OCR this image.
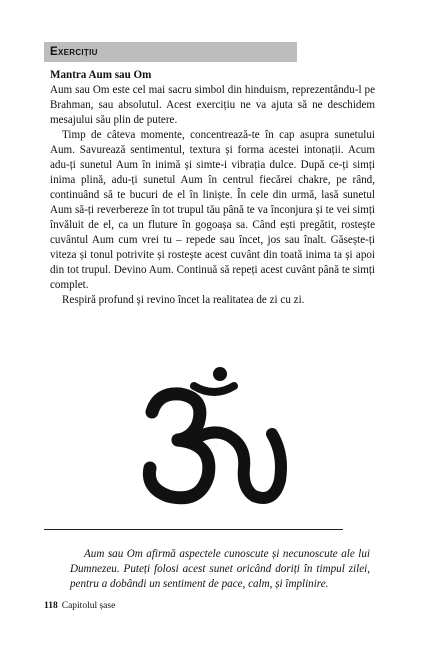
Exercițiu

Mantra Aum sau Om

Aum sau Om este cel mai sacru simbol din hinduism, reprezentându-l pe Brahman, sau absolutul. Acest exercițiu ne va ajuta să ne deschidem mesajului său plin de putere.

Timp de câteva momente, concentrează-te în cap asupra sunetului Aum. Savurează sentimentul, textura și forma acestei intonații. Acum adu-ți sunetul Aum în inimă și simte-i vibrația dulce. După ce-ți simți inima plină, adu-ți sunetul Aum în centrul fiecărei chakre, pe rând, continuând să te bucuri de el în liniște. În cele din urmă, lasă sunetul Aum să-ți reverbereze în tot trupul tău până te va înconjura și te vei simți învăluit de el, ca un fluture în gogoașa sa. Când ești pregătit, rostește cuvântul Aum cum vrei tu – repede sau încet, jos sau înalt. Găsește-ți viteza și tonul potrivite și rostește acest cuvânt din toată inima ta și apoi din tot trupul. Devino Aum. Continuă să repeți acest cuvânt până te simți complet.

Respiră profund și revino încet la realitatea de zi cu zi.

Aum sau Om afirmă aspectele cunoscute și necunoscute ale lui Dumnezeu. Puteți folosi acest sunet oricând doriți în timpul zilei, pentru a dobândi un sentiment de pace, calm, și împlinire.
118 Capitolul șase
